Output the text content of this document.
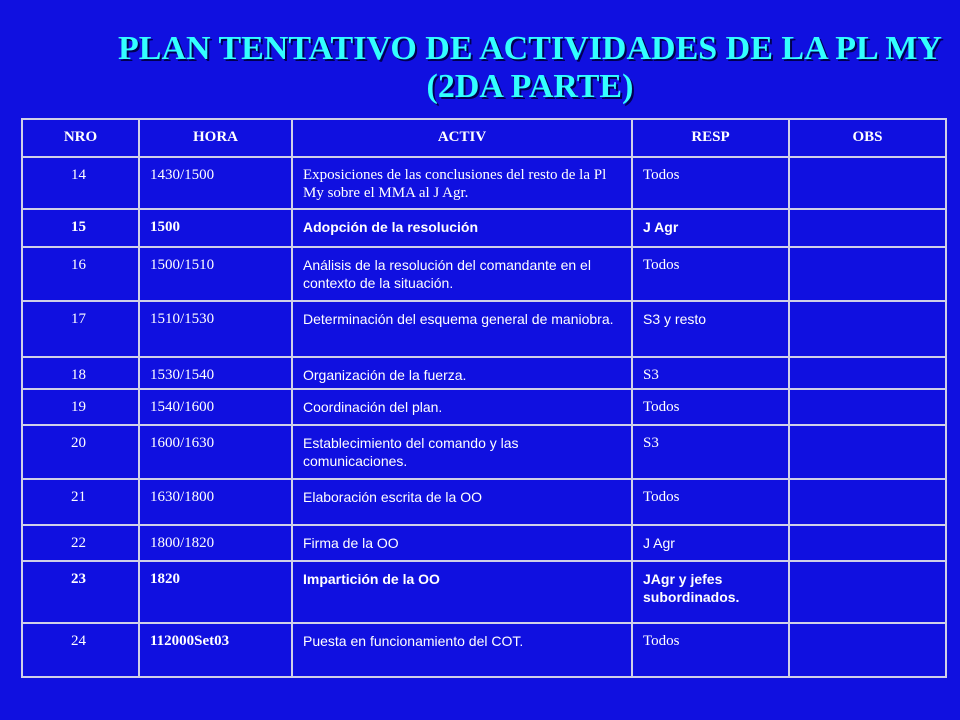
PLAN TENTATIVO DE ACTIVIDADES DE LA PL MY
(2DA PARTE)
NRO	HORA	ACTIV	RESP	OBS

14	1430/1500	Exposiciones de las conclusiones del resto de la Pl My sobre el MMA al J Agr.	Todos	

15	1500	Adopción de la resolución	J Agr	

16	1500/1510	Análisis de la resolución del comandante en el contexto de la situación.	Todos	

17	1510/1530	Determinación del esquema general de maniobra.	S3 y resto	

18	1530/1540	Organización de la fuerza.	S3	

19	1540/1600	Coordinación del plan.	Todos	

20	1600/1630	Establecimiento del comando y las comunicaciones.	S3	

21	1630/1800	Elaboración escrita de la OO	Todos	

22	1800/1820	Firma de la OO	J Agr	

23	1820	Impartición de la OO	JAgr y jefes subordinados.	

24	112000Set03	Puesta en funcionamiento del COT.	Todos	
